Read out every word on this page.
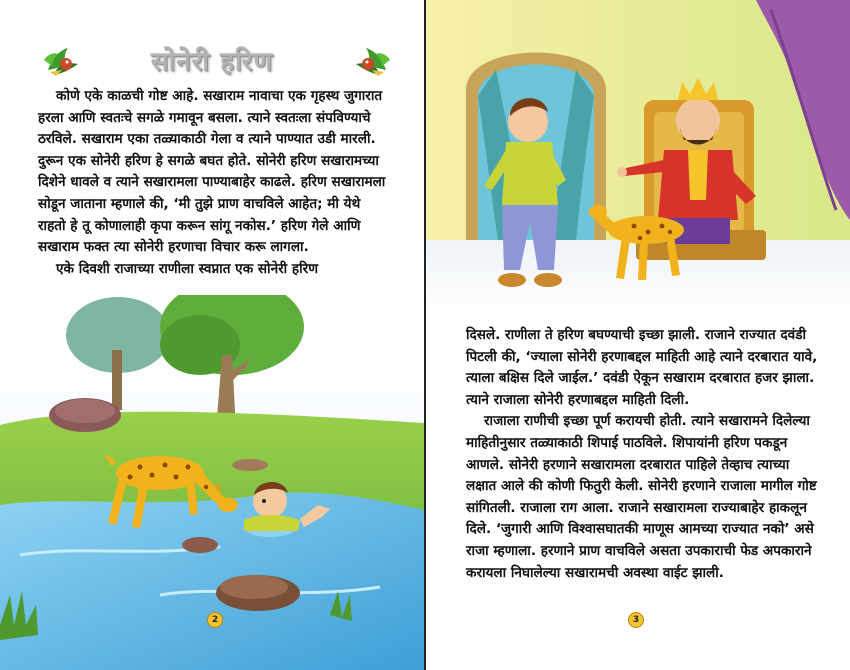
सोनेरी हरिण

कोणे एके काळची गोष्ट आहे. सखाराम नावाचा एक गृहस्थ जुगारात हरला आणि स्वतःचे सगळे गमावून बसला. त्याने स्वतःला संपविण्याचे ठरविले. सखाराम एका तळ्याकाठी गेला व त्याने पाण्यात उडी मारली. दुरून एक सोनेरी हरिण हे सगळे बघत होते. सोनेरी हरिण सखारामच्या दिशेने धावले व त्याने सखारामला पाण्याबाहेर काढले. हरिण सखारामला सोडून जाताना म्हणाले की, ‘मी तुझे प्राण वाचविले आहेत; मी येथे राहतो हे तू कोणालाही कृपा करून सांगू नकोस.’ हरिण गेले आणि सखाराम फक्त त्या सोनेरी हरणाचा विचार करू लागला.

एके दिवशी राजाच्या राणीला स्वप्नात एक सोनेरी हरिण

2

दिसले. राणीला ते हरिण बघण्याची इच्छा झाली. राजाने राज्यात दवंडी पिटली की, ‘ज्याला सोनेरी हरणाबद्दल माहिती आहे त्याने दरबारात यावे, त्याला बक्षिस दिले जाईल.’ दवंडी ऐकून सखाराम दरबारात हजर झाला. त्याने राजाला सोनेरी हरणाबद्दल माहिती दिली.

राजाला राणीची इच्छा पूर्ण करायची होती. त्याने सखारामने दिलेल्या माहितीनुसार तळ्याकाठी शिपाई पाठविले. शिपायांनी हरिण पकडून आणले. सोनेरी हरणाने सखारामला दरबारात पाहिले तेव्हाच त्याच्या लक्षात आले की कोणी फितुरी केली. सोनेरी हरणाने राजाला मागील गोष्ट सांगितली. राजाला राग आला. राजाने सखारामला राज्याबाहेर हाकलून दिले. ‘जुगारी आणि विश्वासघातकी माणूस आमच्या राज्यात नको’ असे राजा म्हणाला. हरणाने प्राण वाचविले असता उपकाराची फेड अपकाराने करायला निघालेल्या सखारामची अवस्था वाईट झाली.

3
